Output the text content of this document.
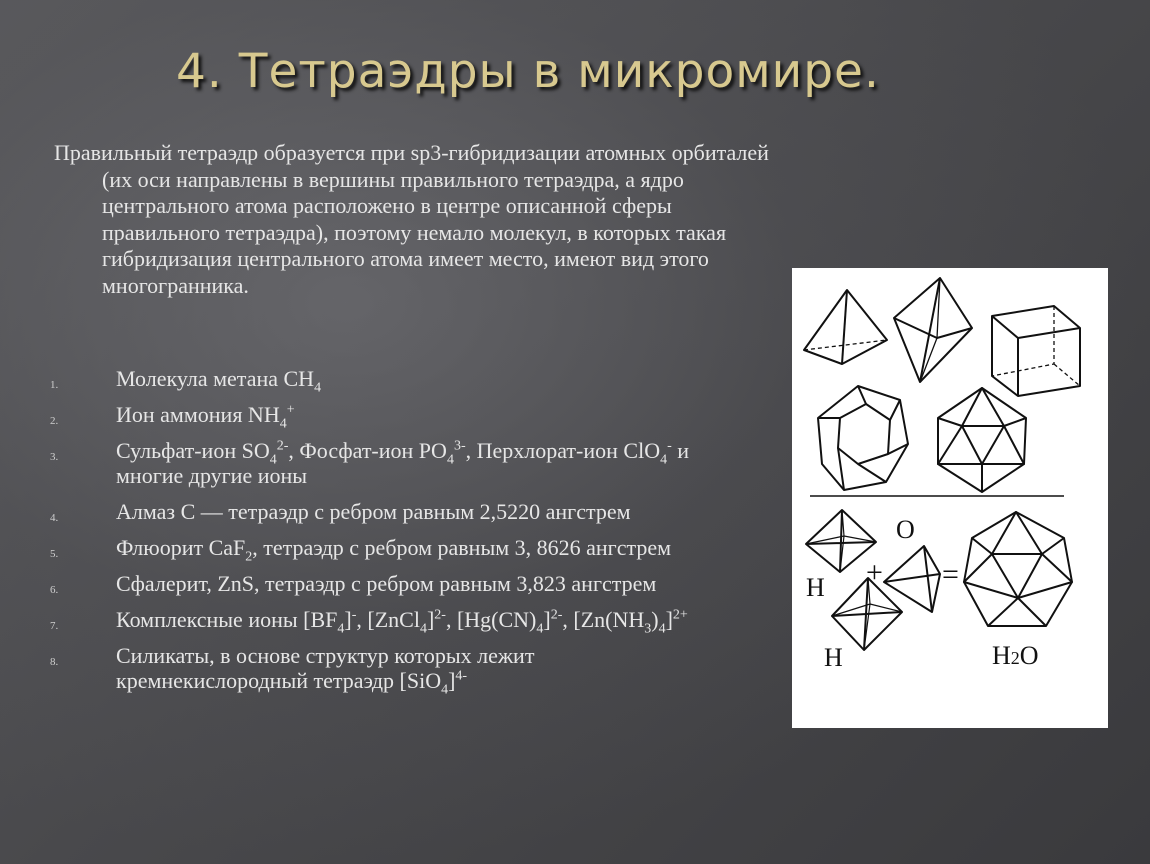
4. Тетраэдры в микромире.
Правильный тетраэдр образуется при sp3-гибридизации атомных орбиталей (их оси направлены в вершины правильного тетраэдра, а ядро центрального атома расположено в центре описанной сферы правильного тетраэдра), поэтому немало молекул, в которых такая гибридизация центрального атома имеет место, имеют вид этого многогранника.
1.	Молекула метана $CH_4$
2.	Ион аммония $NH_4^+$
3.	Сульфат-ион $SO_4^{2-}$, Фосфат-ион $PO_4^{3-}$, Перхлорат-ион ClO$_4$- и многие другие ионы
4.	Алмаз С — тетраэдр с ребром равным 2,5220 ангстрем
5.	Флюорит CaF$_2$, тетраэдр с ребром равным 3, 8626 ангстрем
6.	Сфалерит, ZnS, тетраэдр с ребром равным 3,823 ангстрем
7.	Комплексные ионы $[BF_4]^-$, [ZnCl$_4$]$^{2-}$, $[Hg(CN)_4]^{2-}$, $[Zn(NH_3)_4]^{2+}$
8.	Силикаты, в основе структур которых лежит кремнекислородный тетраэдр $[SiO_4]^{4-}$
O
H + =
H	H2O
